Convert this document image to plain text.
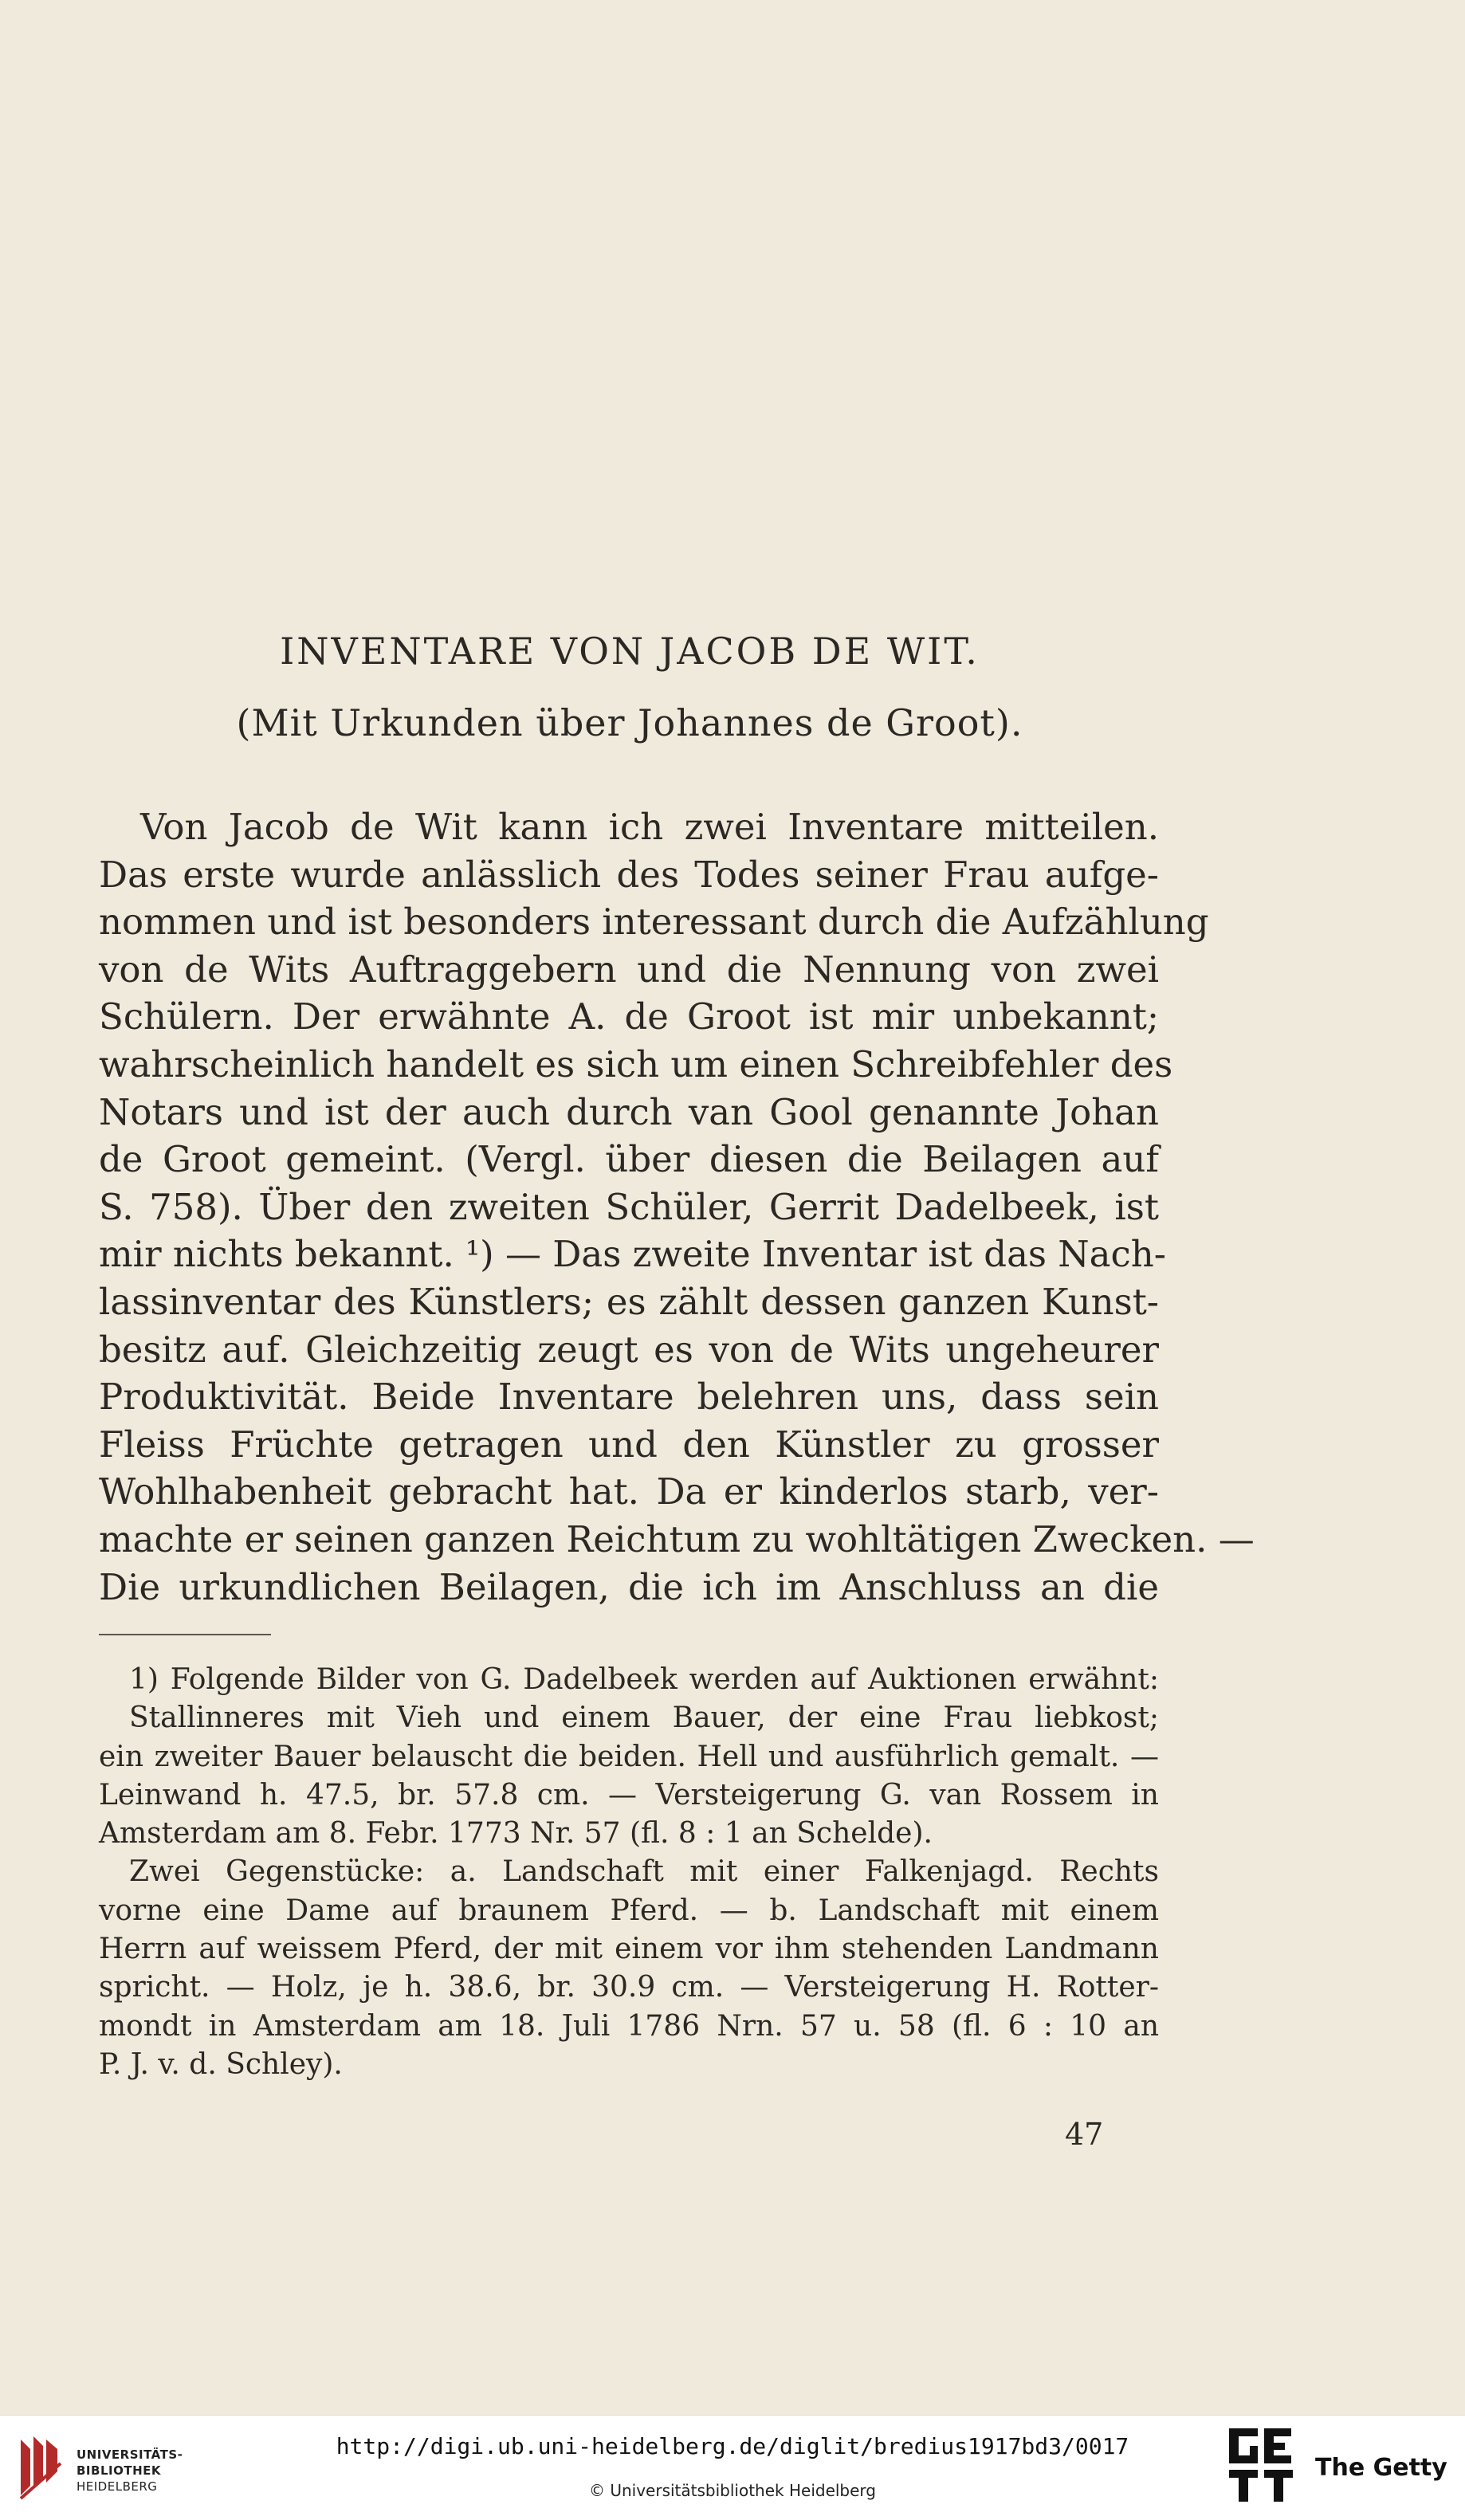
INVENTARE VON JACOB DE WIT.
(Mit Urkunden über Johannes de Groot).
Von Jacob de Wit kann ich zwei Inventare mitteilen.
Das erste wurde anlässlich des Todes seiner Frau aufge-
nommen und ist besonders interessant durch die Aufzählung
von de Wits Auftraggebern und die Nennung von zwei
Schülern. Der erwähnte A. de Groot ist mir unbekannt;
wahrscheinlich handelt es sich um einen Schreibfehler des
Notars und ist der auch durch van Gool genannte Johan
de Groot gemeint. (Vergl. über diesen die Beilagen auf
S. 758). Über den zweiten Schüler, Gerrit Dadelbeek, ist
mir nichts bekannt. ¹) — Das zweite Inventar ist das Nach-
lassinventar des Künstlers; es zählt dessen ganzen Kunst-
besitz auf. Gleichzeitig zeugt es von de Wits ungeheurer
Produktivität. Beide Inventare belehren uns, dass sein
Fleiss Früchte getragen und den Künstler zu grosser
Wohlhabenheit gebracht hat. Da er kinderlos starb, ver-
machte er seinen ganzen Reichtum zu wohltätigen Zwecken. —
Die urkundlichen Beilagen, die ich im Anschluss an die
1) Folgende Bilder von G. Dadelbeek werden auf Auktionen erwähnt:
Stallinneres mit Vieh und einem Bauer, der eine Frau liebkost;
ein zweiter Bauer belauscht die beiden. Hell und ausführlich gemalt. —
Leinwand h. 47.5, br. 57.8 cm. — Versteigerung G. van Rossem in
Amsterdam am 8. Febr. 1773 Nr. 57 (fl. 8 : 1 an Schelde).
Zwei Gegenstücke: a. Landschaft mit einer Falkenjagd. Rechts
vorne eine Dame auf braunem Pferd. — b. Landschaft mit einem
Herrn auf weissem Pferd, der mit einem vor ihm stehenden Landmann
spricht. — Holz, je h. 38.6, br. 30.9 cm. — Versteigerung H. Rotter-
mondt in Amsterdam am 18. Juli 1786 Nrn. 57 u. 58 (fl. 6 : 10 an
P. J. v. d. Schley).
47
UNIVERSITÄTS-
BIBLIOTHEK
HEIDELBERG
http://digi.ub.uni-heidelberg.de/diglit/bredius1917bd3/0017
© Universitätsbibliothek Heidelberg
The Getty
